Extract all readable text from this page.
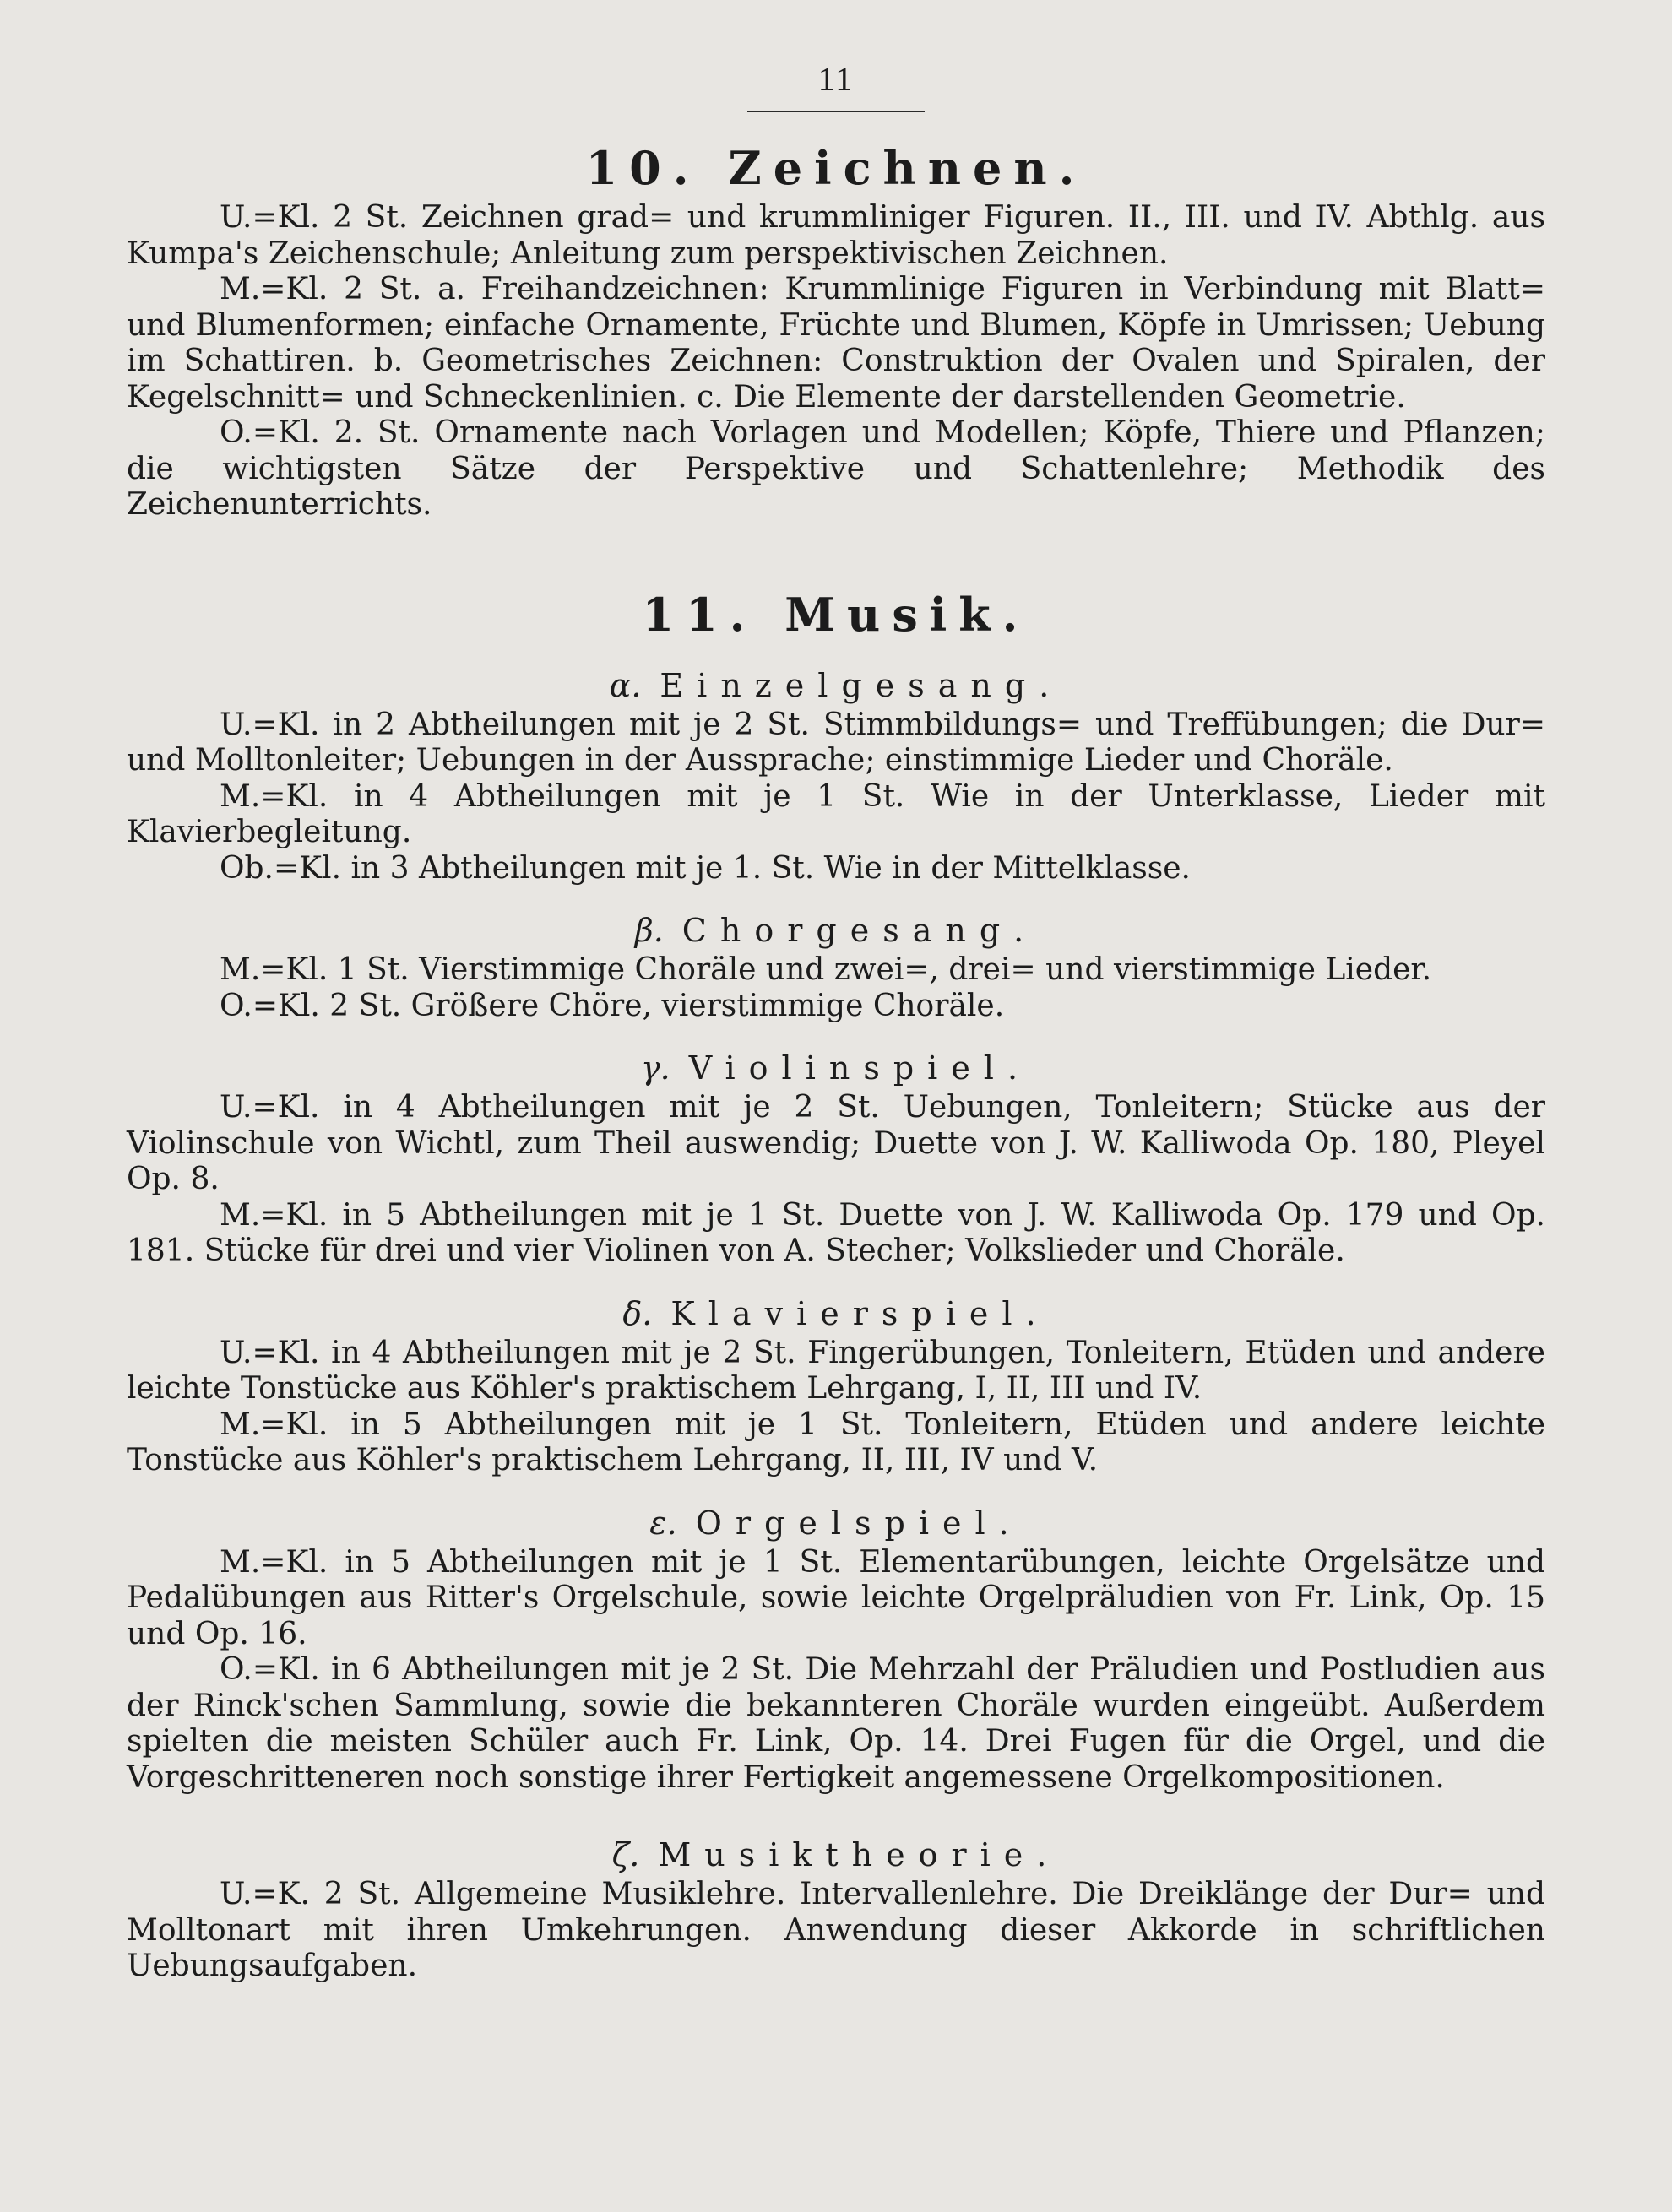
11
10. Zeichnen.

U.=Kl. 2 St. Zeichnen grad= und krummliniger Figuren. II., III. und IV. Abthlg. aus Kumpa's Zeichenschule; Anleitung zum perspektivischen Zeichnen.

M.=Kl. 2 St. a. Freihandzeichnen: Krummlinige Figuren in Verbindung mit Blatt= und Blumenformen; einfache Ornamente, Früchte und Blumen, Köpfe in Umrissen; Uebung im Schattiren. b. Geometrisches Zeichnen: Construktion der Ovalen und Spiralen, der Kegelschnitt= und Schneckenlinien. c. Die Elemente der darstellenden Geometrie.

O.=Kl. 2. St. Ornamente nach Vorlagen und Modellen; Köpfe, Thiere und Pflanzen; die wichtigsten Sätze der Perspektive und Schattenlehre; Methodik des Zeichenunterrichts.

11. Musik.
α. Einzelgesang.

U.=Kl. in 2 Abtheilungen mit je 2 St. Stimmbildungs= und Treffübungen; die Dur= und Molltonleiter; Uebungen in der Aussprache; einstimmige Lieder und Choräle.

M.=Kl. in 4 Abtheilungen mit je 1 St. Wie in der Unterklasse, Lieder mit Klavierbegleitung.

Ob.=Kl. in 3 Abtheilungen mit je 1. St. Wie in der Mittelklasse.

β. Chorgesang.

M.=Kl. 1 St. Vierstimmige Choräle und zwei=, drei= und vierstimmige Lieder.

O.=Kl. 2 St. Größere Chöre, vierstimmige Choräle.

γ. Violinspiel.

U.=Kl. in 4 Abtheilungen mit je 2 St. Uebungen, Tonleitern; Stücke aus der Violinschule von Wichtl, zum Theil auswendig; Duette von J. W. Kalliwoda Op. 180, Pleyel Op. 8.

M.=Kl. in 5 Abtheilungen mit je 1 St. Duette von J. W. Kalliwoda Op. 179 und Op. 181. Stücke für drei und vier Violinen von A. Stecher; Volkslieder und Choräle.

δ. Klavierspiel.

U.=Kl. in 4 Abtheilungen mit je 2 St. Fingerübungen, Tonleitern, Etüden und andere leichte Tonstücke aus Köhler's praktischem Lehrgang, I, II, III und IV.

M.=Kl. in 5 Abtheilungen mit je 1 St. Tonleitern, Etüden und andere leichte Tonstücke aus Köhler's praktischem Lehrgang, II, III, IV und V.

ε. Orgelspiel.

M.=Kl. in 5 Abtheilungen mit je 1 St. Elementarübungen, leichte Orgelsätze und Pedalübungen aus Ritter's Orgelschule, sowie leichte Orgelpräludien von Fr. Link, Op. 15 und Op. 16.

O.=Kl. in 6 Abtheilungen mit je 2 St. Die Mehrzahl der Präludien und Postludien aus der Rinck'schen Sammlung, sowie die bekannteren Choräle wurden eingeübt. Außerdem spielten die meisten Schüler auch Fr. Link, Op. 14. Drei Fugen für die Orgel, und die Vorgeschritteneren noch sonstige ihrer Fertigkeit angemessene Orgelkompositionen.

ζ. Musiktheorie.

U.=K. 2 St. Allgemeine Musiklehre. Intervallenlehre. Die Dreiklänge der Dur= und Molltonart mit ihren Umkehrungen. Anwendung dieser Akkorde in schriftlichen Uebungsaufgaben.
